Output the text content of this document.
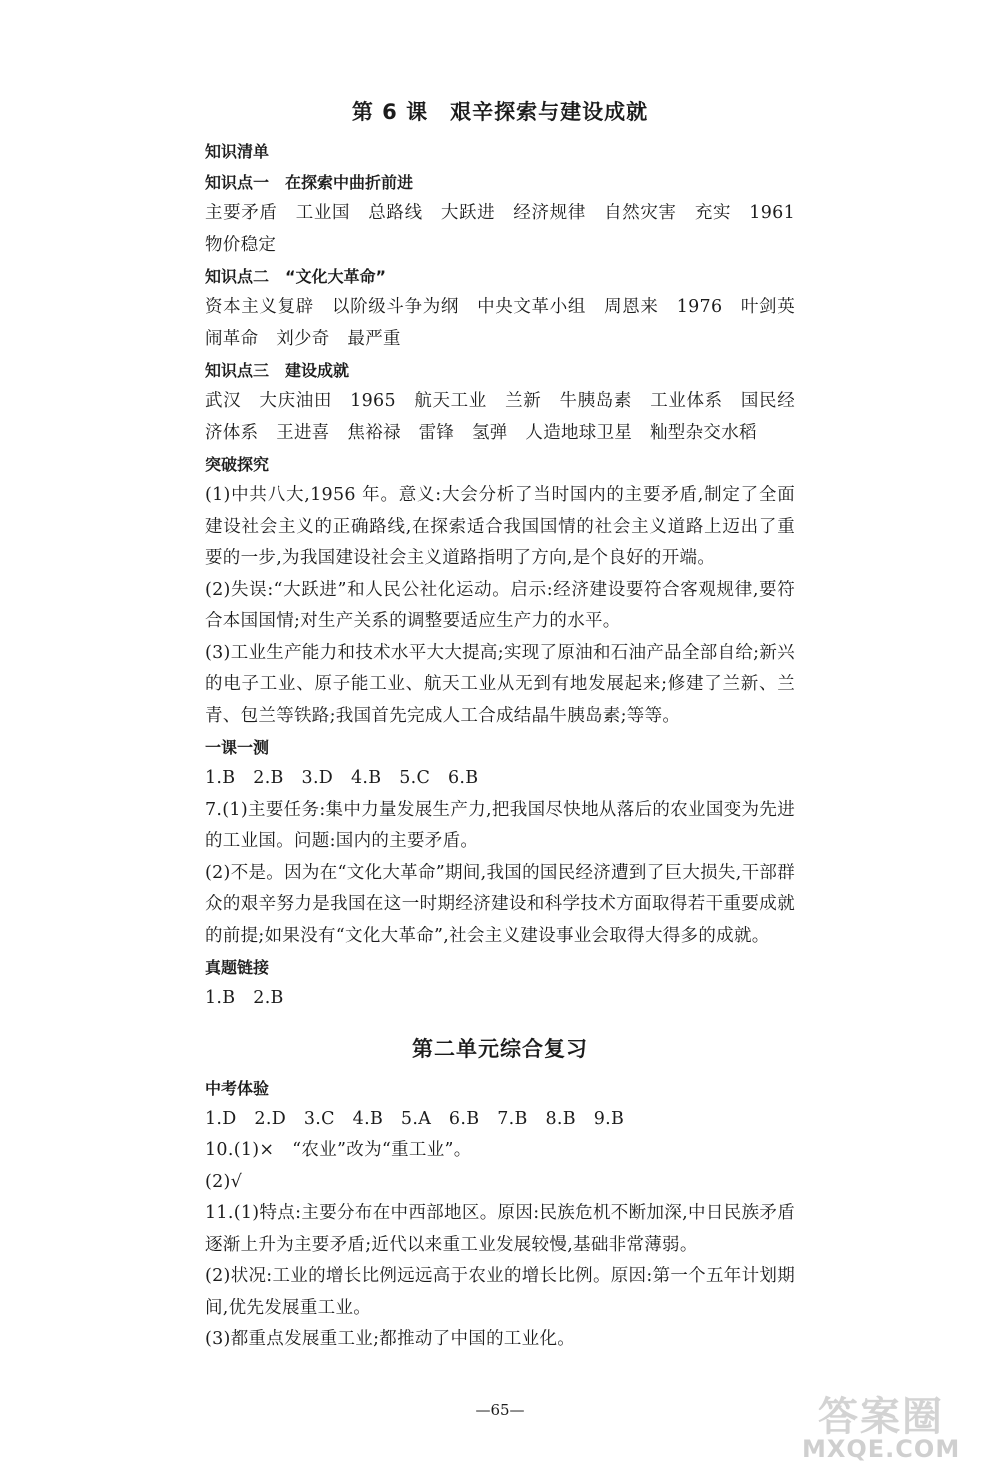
第 6 课　艰辛探索与建设成就

知识清单

知识点一　在探索中曲折前进

主要矛盾　工业国　总路线　大跃进　经济规律　自然灾害　充实　1961　物价稳定

知识点二　“文化大革命”

资本主义复辟　以阶级斗争为纲　中央文革小组　周恩来　1976　叶剑英　闹革命　刘少奇　最严重

知识点三　建设成就

武汉　大庆油田　1965　航天工业　兰新　牛胰岛素　工业体系　国民经济体系　王进喜　焦裕禄　雷锋　氢弹　人造地球卫星　籼型杂交水稻

突破探究

(1)中共八大,1956 年。意义:大会分析了当时国内的主要矛盾,制定了全面建设社会主义的正确路线,在探索适合我国国情的社会主义道路上迈出了重要的一步,为我国建设社会主义道路指明了方向,是个良好的开端。

(2)失误:“大跃进”和人民公社化运动。启示:经济建设要符合客观规律,要符合本国国情;对生产关系的调整要适应生产力的水平。

(3)工业生产能力和技术水平大大提高;实现了原油和石油产品全部自给;新兴的电子工业、原子能工业、航天工业从无到有地发展起来;修建了兰新、兰青、包兰等铁路;我国首先完成人工合成结晶牛胰岛素;等等。

一课一测

1.B　2.B　3.D　4.B　5.C　6.B

7.(1)主要任务:集中力量发展生产力,把我国尽快地从落后的农业国变为先进的工业国。问题:国内的主要矛盾。

(2)不是。因为在“文化大革命”期间,我国的国民经济遭到了巨大损失,干部群众的艰辛努力是我国在这一时期经济建设和科学技术方面取得若干重要成就的前提;如果没有“文化大革命”,社会主义建设事业会取得大得多的成就。

真题链接

1.B　2.B

第二单元综合复习

中考体验

1.D　2.D　3.C　4.B　5.A　6.B　7.B　8.B　9.B

10.(1)×　“农业”改为“重工业”。

(2)√

11.(1)特点:主要分布在中西部地区。原因:民族危机不断加深,中日民族矛盾逐渐上升为主要矛盾;近代以来重工业发展较慢,基础非常薄弱。

(2)状况:工业的增长比例远远高于农业的增长比例。原因:第一个五年计划期间,优先发展重工业。

(3)都重点发展重工业;都推动了中国的工业化。

—65—	答案圈
MXQE.COM
